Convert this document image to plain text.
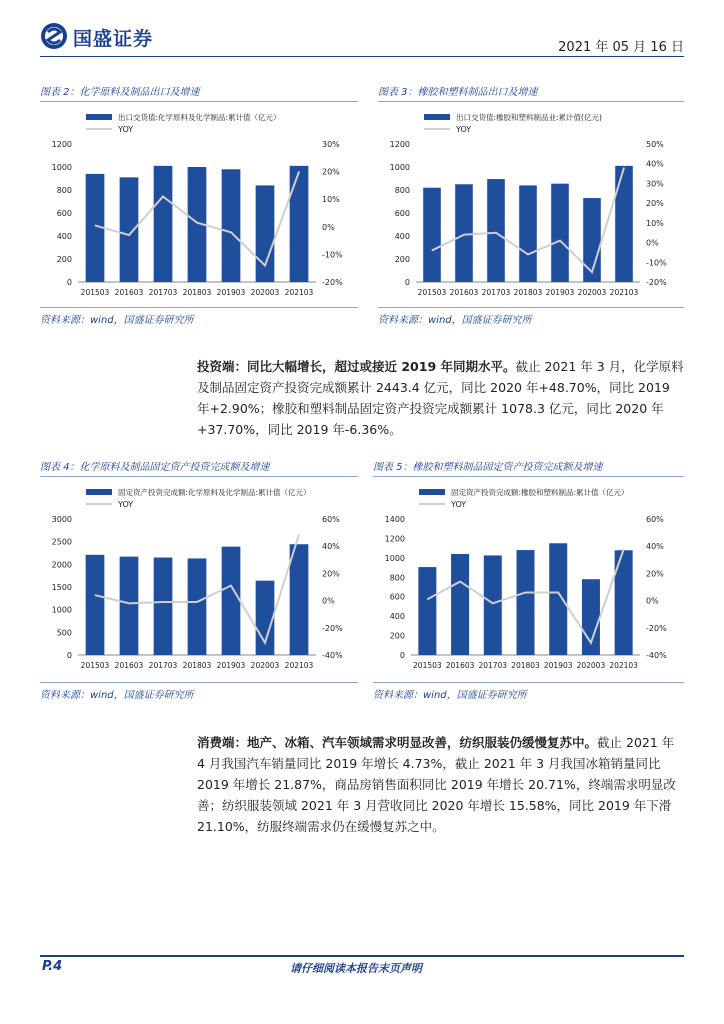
国盛证券	2021 年 05 月 16 日
图表 2：化学原料及制品出口及增速	图表 3：橡胶和塑料制品出口及增速
出口交货值:化学原料及化学制品:累计值（亿元）
YOY
0
200
400
600
800
1000
1200
-20%
-10%
0%
10%
20%
30%
201503 201603 201703 201803 201903 202003 202103
出口交货值:橡胶和塑料制品业:累计值(亿元)
YOY
0
200
400
600
800
1000
1200
-20%
-10%
0%
10%
20%
30%
40%
50%
201503 201603 201703 201803 201903 202003 202103
资料来源：wind，国盛证券研究所	资料来源：wind，国盛证券研究所
投资端：同比大幅增长，超过或接近 2019 年同期水平。截止 2021 年 3 月，化学原料及制品固定资产投资完成额累计 2443.4 亿元，同比 2020 年+48.70%，同比 2019 年+2.90%；橡胶和塑料制品固定资产投资完成额累计 1078.3 亿元，同比 2020 年+37.70%，同比 2019 年-6.36%。
图表 4：化学原料及制品固定资产投资完成额及增速	图表 5：橡胶和塑料制品固定资产投资完成额及增速
固定资产投资完成额:化学原料及化学制品:累计值（亿元）
YOY
0
500
1000
1500
2000
2500
3000
-40%
-20%
0%
20%
40%
60%
201503 201603 201703 201803 201903 202003 202103
固定资产投资完成额:橡胶和塑料制品:累计值（亿元）
YOY
0
200
400
600
800
1000
1200
1400
-40%
-20%
0%
20%
40%
60%
201503 201603 201703 201803 201903 202003 202103
资料来源：wind，国盛证券研究所	资料来源：wind，国盛证券研究所
消费端：地产、冰箱、汽车领域需求明显改善，纺织服装仍缓慢复苏中。截止 2021 年 4 月我国汽车销量同比 2019 年增长 4.73%，截止 2021 年 3 月我国冰箱销量同比 2019 年增长 21.87%，商品房销售面积同比 2019 年增长 20.71%，终端需求明显改善；纺织服装领域 2021 年 3 月营收同比 2020 年增长 15.58%，同比 2019 年下滑 21.10%，纺服终端需求仍在缓慢复苏之中。
P.4	请仔细阅读本报告末页声明
